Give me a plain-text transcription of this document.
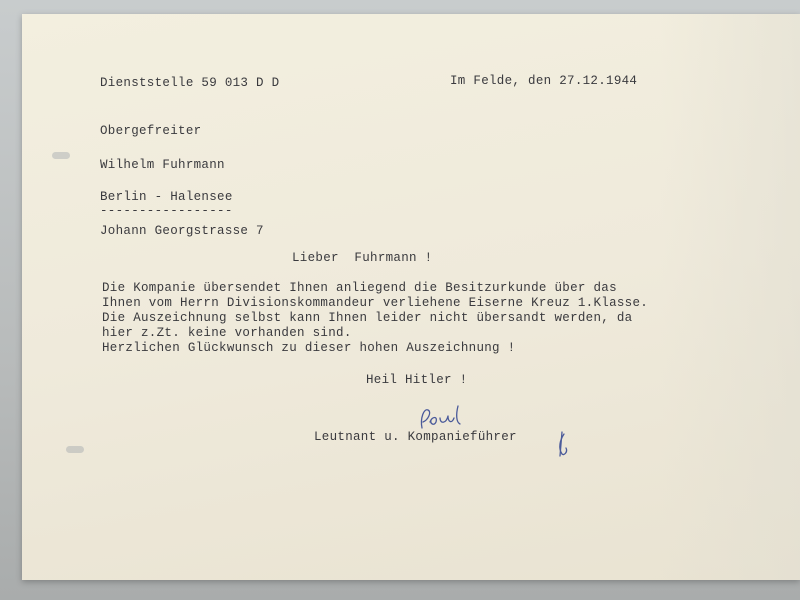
Dienststelle 59 013 D D	Im Felde, den 27.12.1944
Obergefreiter
Wilhelm Fuhrmann
Berlin - Halensee
-----------------
Johann Georgstrasse 7
Lieber  Fuhrmann !
Die Kompanie übersendet Ihnen anliegend die Besitzurkunde über das
Ihnen vom Herrn Divisionskommandeur verliehene Eiserne Kreuz 1.Klasse.
Die Auszeichnung selbst kann Ihnen leider nicht übersandt werden, da
hier z.Zt. keine vorhanden sind.
Herzlichen Glückwunsch zu dieser hohen Auszeichnung !
Heil Hitler !
Leutnant u. Kompanieführer
